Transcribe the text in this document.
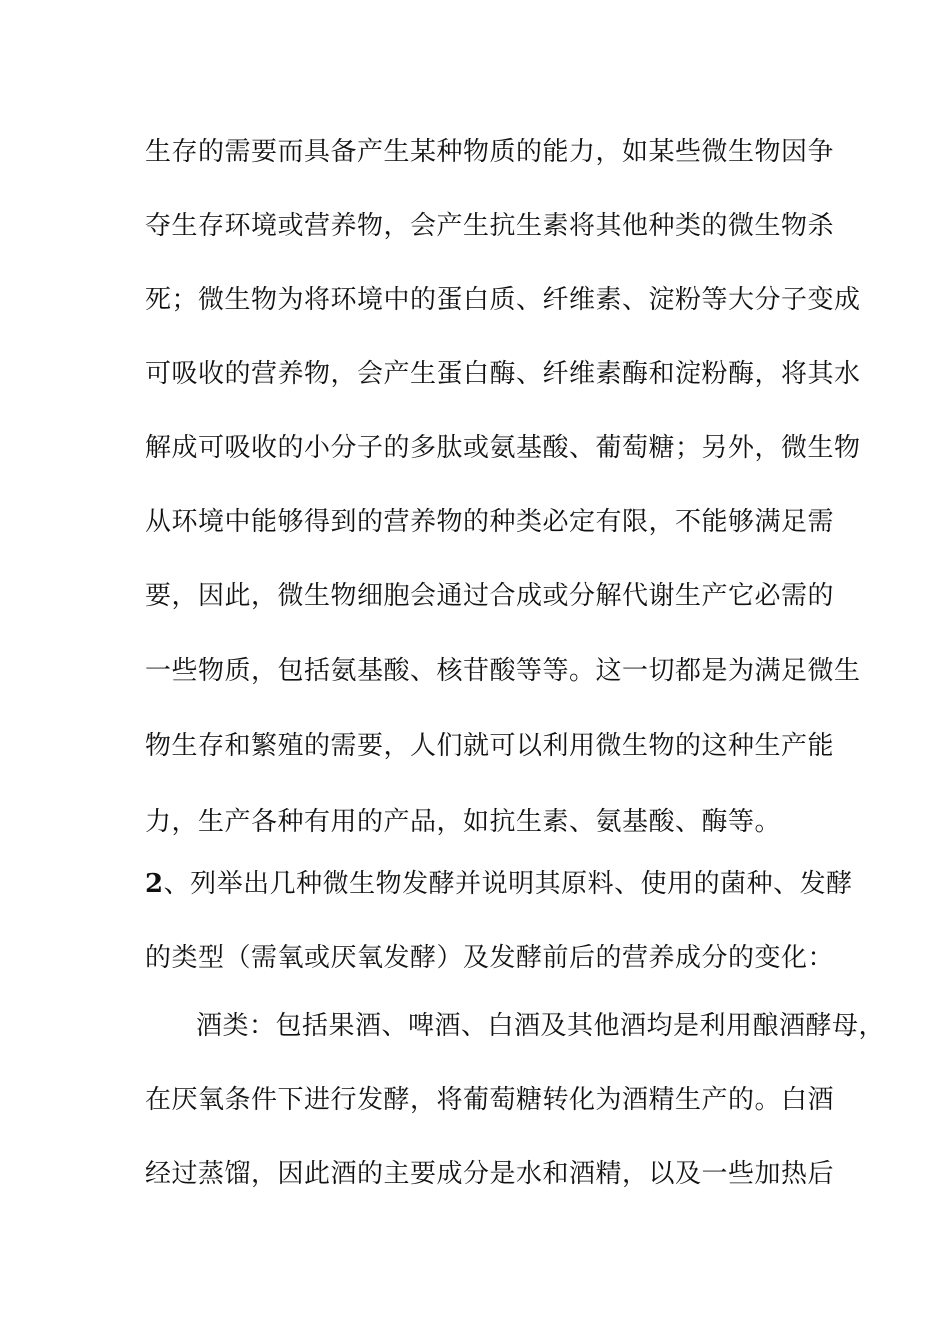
生存的需要而具备产生某种物质的能力，如某些微生物因争
夺生存环境或营养物，会产生抗生素将其他种类的微生物杀
死；微生物为将环境中的蛋白质、纤维素、淀粉等大分子变成
可吸收的营养物，会产生蛋白酶、纤维素酶和淀粉酶，将其水
解成可吸收的小分子的多肽或氨基酸、葡萄糖；另外，微生物
从环境中能够得到的营养物的种类必定有限，不能够满足需
要，因此，微生物细胞会通过合成或分解代谢生产它必需的
一些物质，包括氨基酸、核苷酸等等。这一切都是为满足微生
物生存和繁殖的需要，人们就可以利用微生物的这种生产能
力，生产各种有用的产品，如抗生素、氨基酸、酶等。
2、列举出几种微生物发酵并说明其原料、使用的菌种、发酵
的类型（需氧或厌氧发酵）及发酵前后的营养成分的变化：
酒类：包括果酒、啤酒、白酒及其他酒均是利用酿酒酵母，
在厌氧条件下进行发酵，将葡萄糖转化为酒精生产的。白酒
经过蒸馏，因此酒的主要成分是水和酒精，以及一些加热后
